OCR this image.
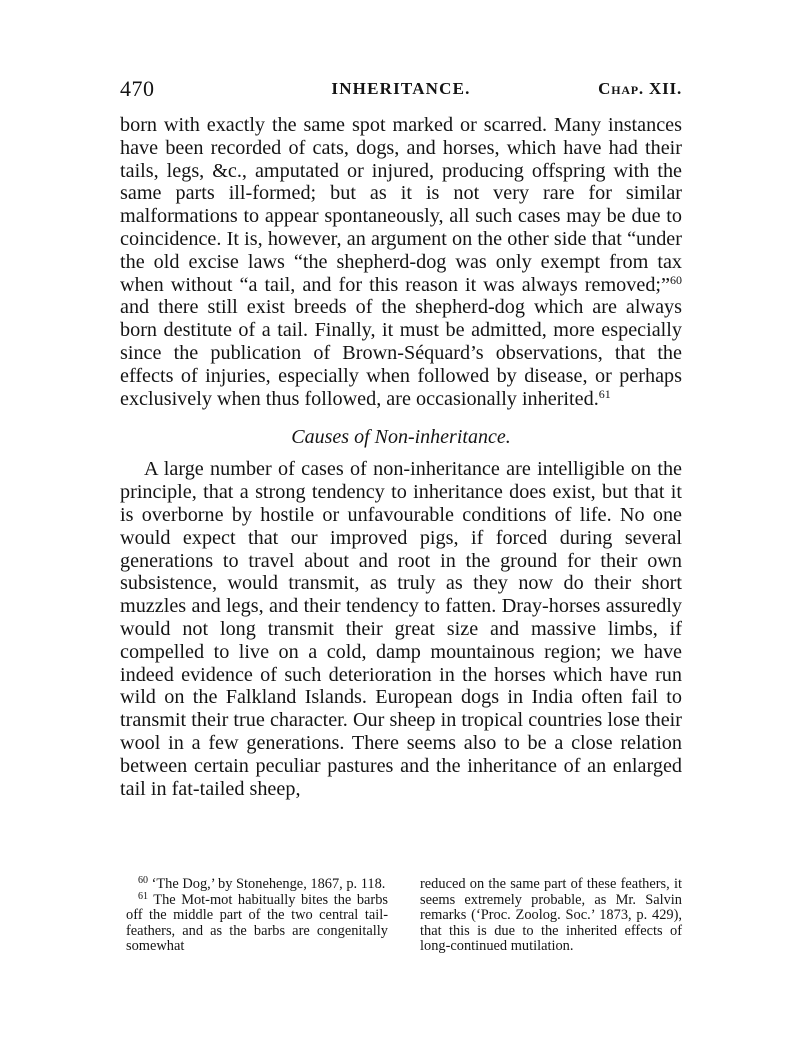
470	INHERITANCE.	Chap. XII.

born with exactly the same spot marked or scarred. Many instances have been recorded of cats, dogs, and horses, which have had their tails, legs, &c., amputated or injured, producing offspring with the same parts ill-formed; but as it is not very rare for similar malformations to appear spontaneously, all such cases may be due to coincidence. It is, however, an argument on the other side that “under the old excise laws “the shepherd-dog was only exempt from tax when without “a tail, and for this reason it was always removed;”$^{60}$ and there still exist breeds of the shepherd-dog which are always born destitute of a tail. Finally, it must be admitted, more especially since the publication of Brown-Séquard’s observations, that the effects of injuries, especially when followed by disease, or perhaps exclusively when thus followed, are occasionally inherited.$^{61}$

Causes of Non-inheritance.

A large number of cases of non-inheritance are intelligible on the principle, that a strong tendency to inheritance does exist, but that it is overborne by hostile or unfavourable conditions of life. No one would expect that our improved pigs, if forced during several generations to travel about and root in the ground for their own subsistence, would transmit, as truly as they now do their short muzzles and legs, and their tendency to fatten. Dray-horses assuredly would not long transmit their great size and massive limbs, if compelled to live on a cold, damp mountainous region; we have indeed evidence of such deterioration in the horses which have run wild on the Falkland Islands. European dogs in India often fail to transmit their true character. Our sheep in tropical countries lose their wool in a few generations. There seems also to be a close relation between certain peculiar pastures and the inheritance of an enlarged tail in fat-tailed sheep,

$^{60}$ ‘The Dog,’ by Stonehenge, 1867, p. 118.

$^{61}$ The Mot-mot habitually bites the barbs off the middle part of the two central tail-feathers, and as the barbs are congenitally somewhat

reduced on the same part of these feathers, it seems extremely probable, as Mr. Salvin remarks (‘Proc. Zoolog. Soc.’ 1873, p. 429), that this is due to the inherited effects of long-continued mutilation.
